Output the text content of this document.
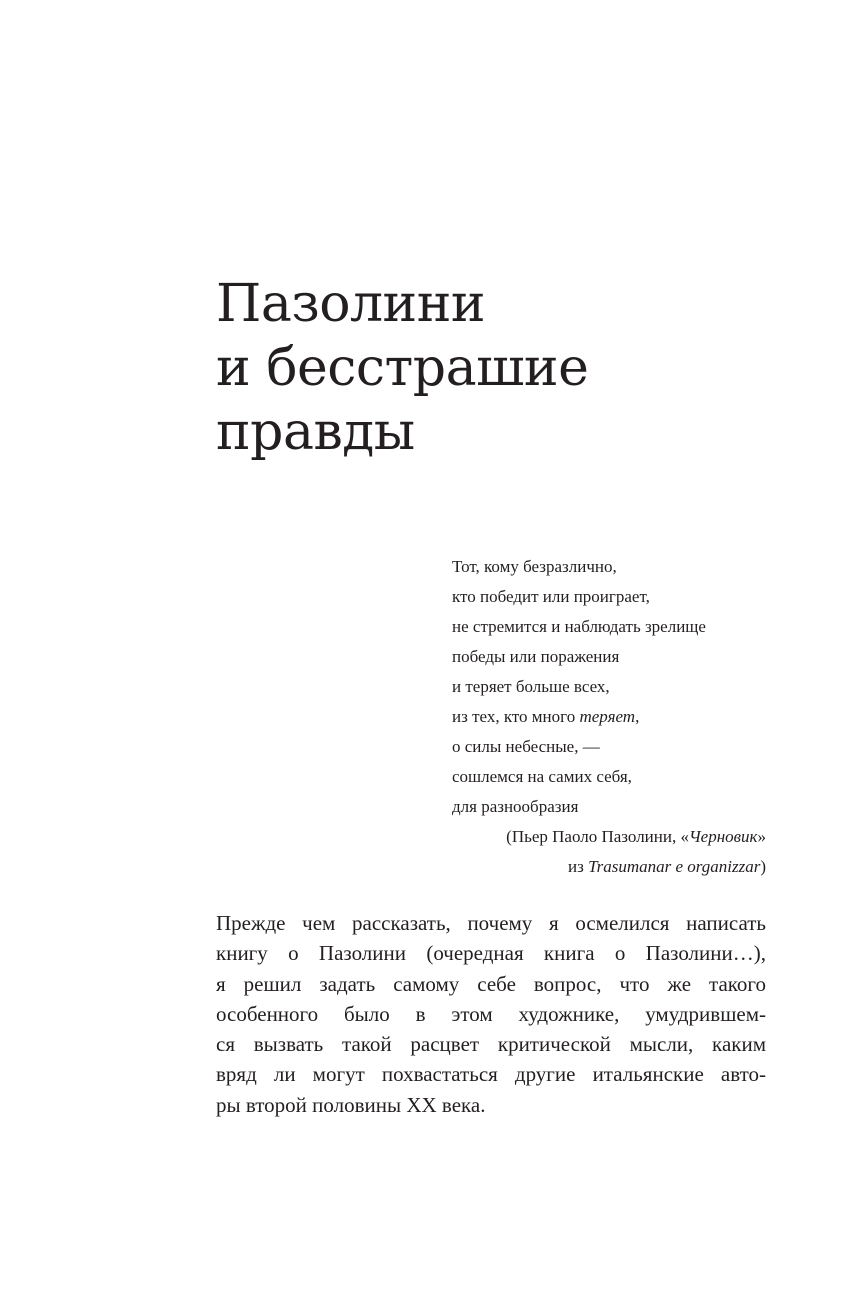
Пазолини
и бесстрашие
правды
Тот, кому безразлично,
кто победит или проиграет,
не стремится и наблюдать зрелище
победы или поражения
и теряет больше всех,
из тех, кто много теряет,
о силы небесные, —
сошлемся на самих себя,
для разнообразия
(Пьер Паоло Пазолини, «Черновик»
из Trasumanar e organizzar)
Прежде чем рассказать, почему я осмелился написать
книгу о Пазолини (очередная книга о Пазолини…),
я решил задать самому себе вопрос, что же такого
особенного было в этом художнике, умудрившем-
ся вызвать такой расцвет критической мысли, каким
вряд ли могут похвастаться другие итальянские авто-
ры второй половины XX века.
